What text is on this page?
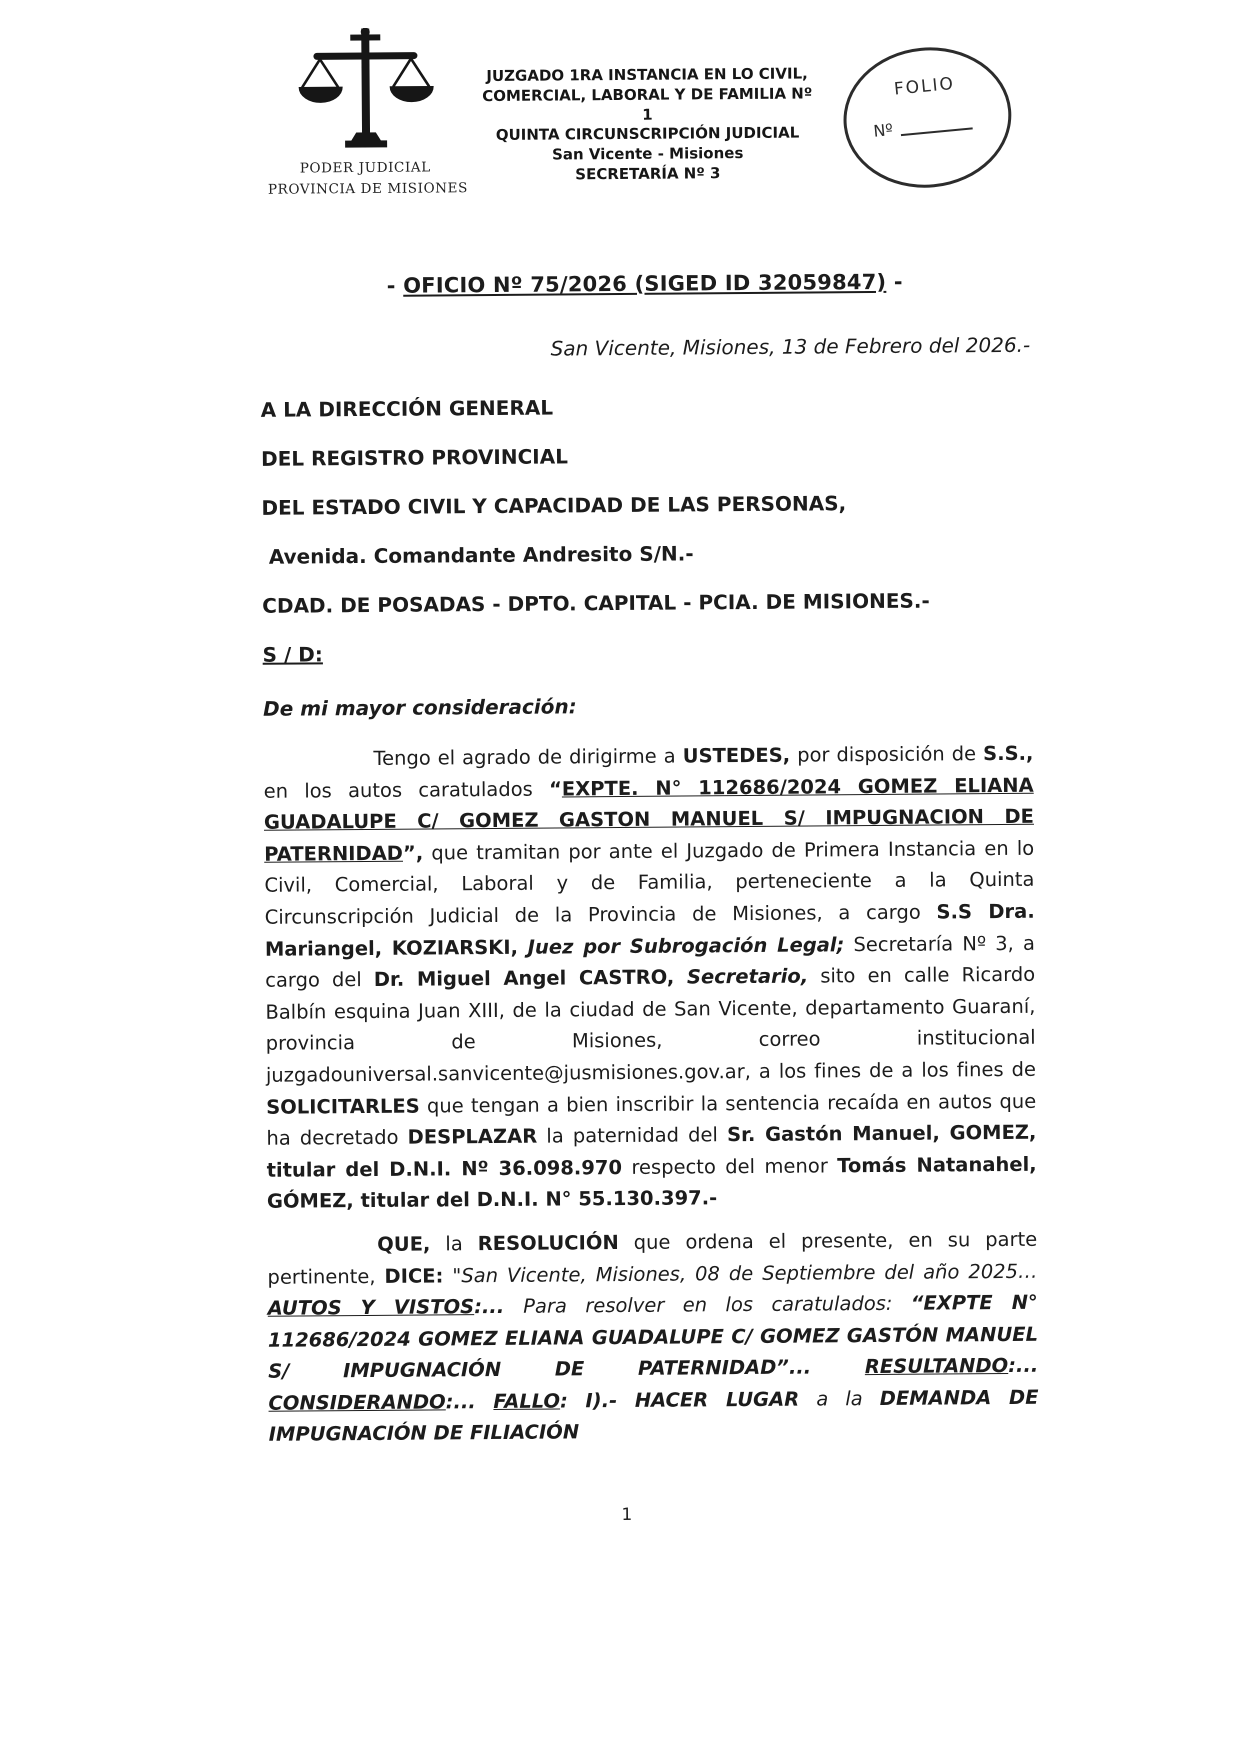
PODER JUDICIAL
PROVINCIA DE MISIONES
JUZGADO 1RA INSTANCIA EN LO CIVIL,
COMERCIAL, LABORAL Y DE FAMILIA Nº 1
QUINTA CIRCUNSCRIPCIÓN JUDICIAL
San Vicente - Misiones
SECRETARÍA Nº 3
FOLIO
Nº
- OFICIO Nº 75/2026 (SIGED ID 32059847) -

San Vicente, Misiones, 13 de Febrero del 2026.-

A LA DIRECCIÓN GENERAL

DEL REGISTRO PROVINCIAL

DEL ESTADO CIVIL Y CAPACIDAD DE LAS PERSONAS,

Avenida. Comandante Andresito S/N.-

CDAD. DE POSADAS - DPTO. CAPITAL - PCIA. DE MISIONES.-

S / D:

De mi mayor consideración:

Tengo el agrado de dirigirme a USTEDES, por disposición de S.S., en los autos caratulados “EXPTE. N° 112686/2024 GOMEZ ELIANA GUADALUPE C/ GOMEZ GASTON MANUEL S/ IMPUGNACION DE PATERNIDAD”, que tramitan por ante el Juzgado de Primera Instancia en lo Civil, Comercial, Laboral y de Familia, perteneciente a la Quinta Circunscripción Judicial de la Provincia de Misiones, a cargo S.S Dra. Mariangel, KOZIARSKI, Juez por Subrogación Legal; Secretaría Nº 3, a cargo del Dr. Miguel Angel CASTRO, Secretario, sito en calle Ricardo Balbín esquina Juan XIII, de la ciudad de San Vicente, departamento Guaraní, provincia de Misiones, correo institucional juzgadouniversal.sanvicente@jusmisiones.gov.ar, a los fines de a los fines de SOLICITARLES que tengan a bien inscribir la sentencia recaída en autos que ha decretado DESPLAZAR la paternidad del Sr. Gastón Manuel, GOMEZ, titular del D.N.I. Nº 36.098.970 respecto del menor Tomás Natanahel, GÓMEZ, titular del D.N.I. N° 55.130.397.-

QUE, la RESOLUCIÓN que ordena el presente, en su parte pertinente, DICE: "San Vicente, Misiones, 08 de Septiembre del año 2025… AUTOS Y VISTOS:... Para resolver en los caratulados: “EXPTE N° 112686/2024 GOMEZ ELIANA GUADALUPE C/ GOMEZ GASTÓN MANUEL S/ IMPUGNACIÓN DE PATERNIDAD”... RESULTANDO:... CONSIDERANDO:... FALLO: I).- HACER LUGAR a la DEMANDA DE IMPUGNACIÓN DE FILIACIÓN

1
